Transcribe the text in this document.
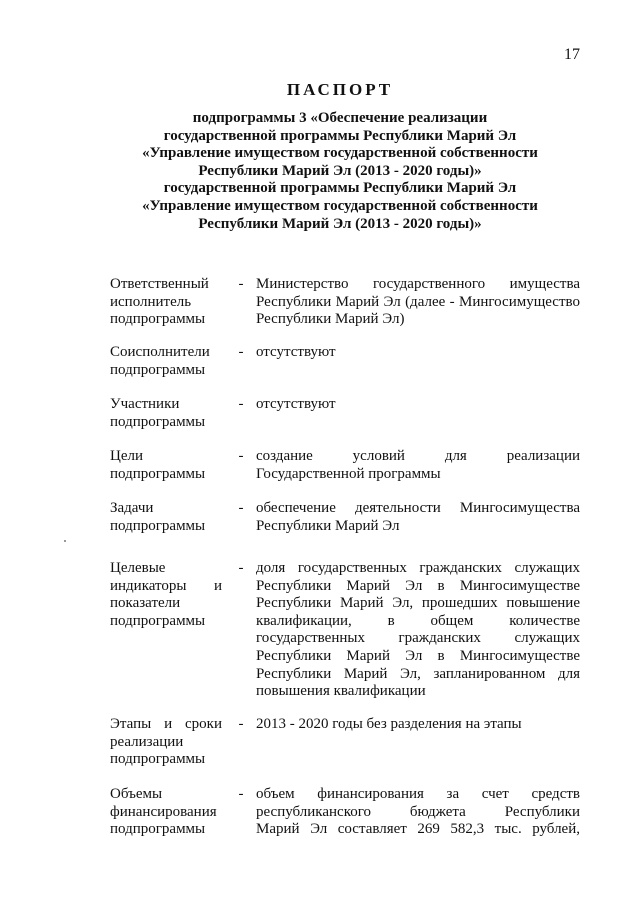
17
ПАСПОРТ
подпрограммы 3 «Обеспечение реализации
государственной программы Республики Марий Эл
«Управление имуществом государственной собственности
Республики Марий Эл (2013 - 2020 годы)»
государственной программы Республики Марий Эл
«Управление имуществом государственной собственности
Республики Марий Эл (2013 - 2020 годы)»
Ответственный
исполнитель
подпрограммы
- Министерство государственного имущества
Республики Марий Эл (далее - Мингосимущество
Республики Марий Эл)
Соисполнители
подпрограммы
- отсутствуют
Участники
подпрограммы
- отсутствуют
Цели
подпрограммы
- создание условий для реализации
Государственной программы
Задачи
подпрограммы
- обеспечение деятельности Мингосимущества
Республики Марий Эл
Целевые
индикаторы и
показатели
подпрограммы
- доля государственных гражданских служащих
Республики Марий Эл в Мингосимуществе
Республики Марий Эл, прошедших повышение
квалификации, в общем количестве
государственных гражданских служащих
Республики Марий Эл в Мингосимуществе
Республики Марий Эл, запланированном для
повышения квалификации
Этапы и сроки
реализации
подпрограммы
- 2013 - 2020 годы без разделения на этапы
Объемы
финансирования
подпрограммы
- объем финансирования за счет средств
республиканского бюджета Республики
Марий Эл составляет 269 582,3 тыс. рублей,
